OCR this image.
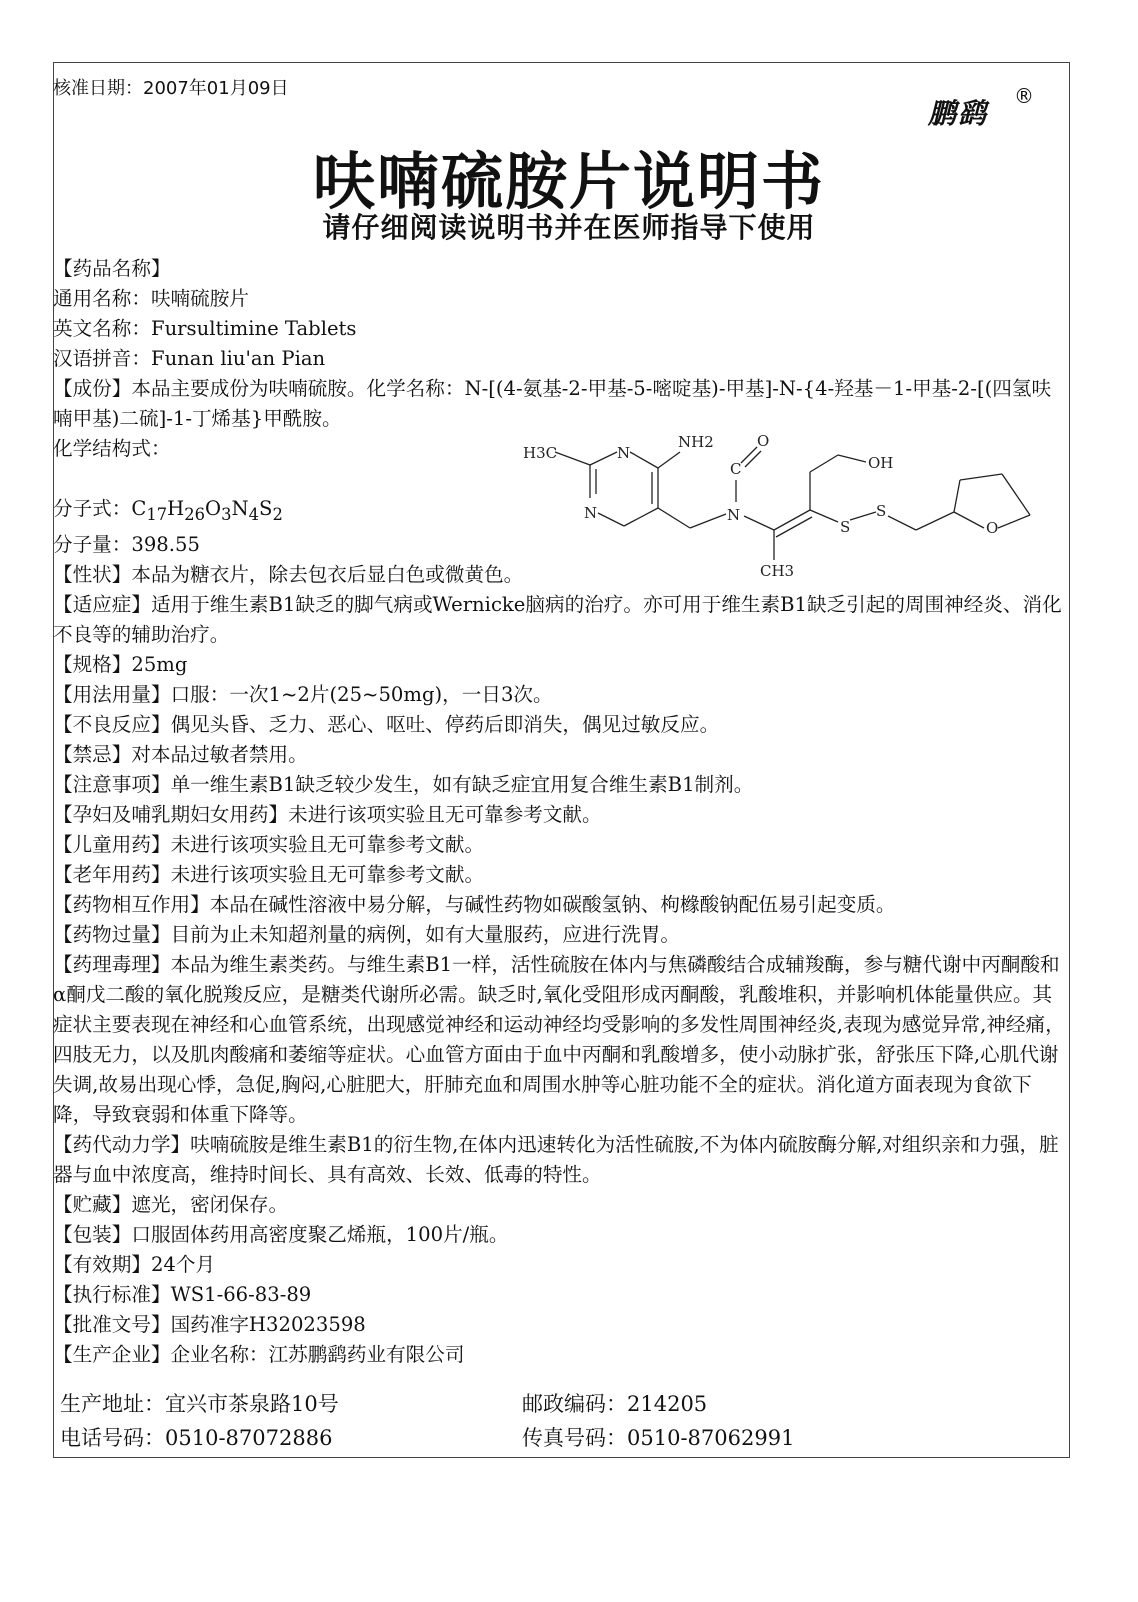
核准日期：2007年01月09日
鹏鹞
®
呋喃硫胺片说明书
请仔细阅读说明书并在医师指导下使用

【药品名称】

通用名称：呋喃硫胺片

英文名称：Fursultimine Tablets

汉语拼音：Funan liu'an Pian

【成份】本品主要成份为呋喃硫胺。化学名称：N-[(4-氨基-2-甲基-5-嘧啶基)-甲基]-N-{4-羟基－1-甲基-2-[(四氢呋喃甲基)二硫]-1-丁烯基}甲酰胺。

化学结构式：

分子式：$C_{17}H_{26}O_3N_4S_2$

分子量：398.55

【性状】本品为糖衣片，除去包衣后显白色或微黄色。

【适应症】适用于维生素B1缺乏的脚气病或Wernicke脑病的治疗。亦可用于维生素B1缺乏引起的周围神经炎、消化不良等的辅助治疗。

【规格】25mg

【用法用量】口服：一次1~2片(25~50mg)，一日3次。

【不良反应】偶见头昏、乏力、恶心、呕吐、停药后即消失，偶见过敏反应。

【禁忌】对本品过敏者禁用。

【注意事项】单一维生素B1缺乏较少发生，如有缺乏症宜用复合维生素B1制剂。

【孕妇及哺乳期妇女用药】未进行该项实验且无可靠参考文献。

【儿童用药】未进行该项实验且无可靠参考文献。

【老年用药】未进行该项实验且无可靠参考文献。

【药物相互作用】本品在碱性溶液中易分解，与碱性药物如碳酸氢钠、枸橼酸钠配伍易引起变质。

【药物过量】目前为止未知超剂量的病例，如有大量服药，应进行洗胃。

【药理毒理】本品为维生素类药。与维生素B1一样，活性硫胺在体内与焦磷酸结合成辅羧酶，参与糖代谢中丙酮酸和α酮戊二酸的氧化脱羧反应，是糖类代谢所必需。缺乏时,氧化受阻形成丙酮酸，乳酸堆积，并影响机体能量供应。其症状主要表现在神经和心血管系统，出现感觉神经和运动神经均受影响的多发性周围神经炎,表现为感觉异常,神经痛，四肢无力，以及肌肉酸痛和萎缩等症状。心血管方面由于血中丙酮和乳酸增多，使小动脉扩张，舒张压下降,心肌代谢失调,故易出现心悸，急促,胸闷,心脏肥大，肝肺充血和周围水肿等心脏功能不全的症状。消化道方面表现为食欲下降，导致衰弱和体重下降等。

【药代动力学】呋喃硫胺是维生素B1的衍生物,在体内迅速转化为活性硫胺,不为体内硫胺酶分解,对组织亲和力强，脏器与血中浓度高，维持时间长、具有高效、长效、低毒的特性。

【贮藏】遮光，密闭保存。

【包装】口服固体药用高密度聚乙烯瓶，100片/瓶。

【有效期】24个月

【执行标准】WS1-66-83-89

【批准文号】国药准字H32023598

【生产企业】企业名称：江苏鹏鹞药业有限公司

生产地址：宜兴市茶泉路10号	邮政编码：214205
电话号码：0510-87072886	传真号码：0510-87062991
H3C	N
N
NH2	O
C
N
OH
S
S
O
CH3
